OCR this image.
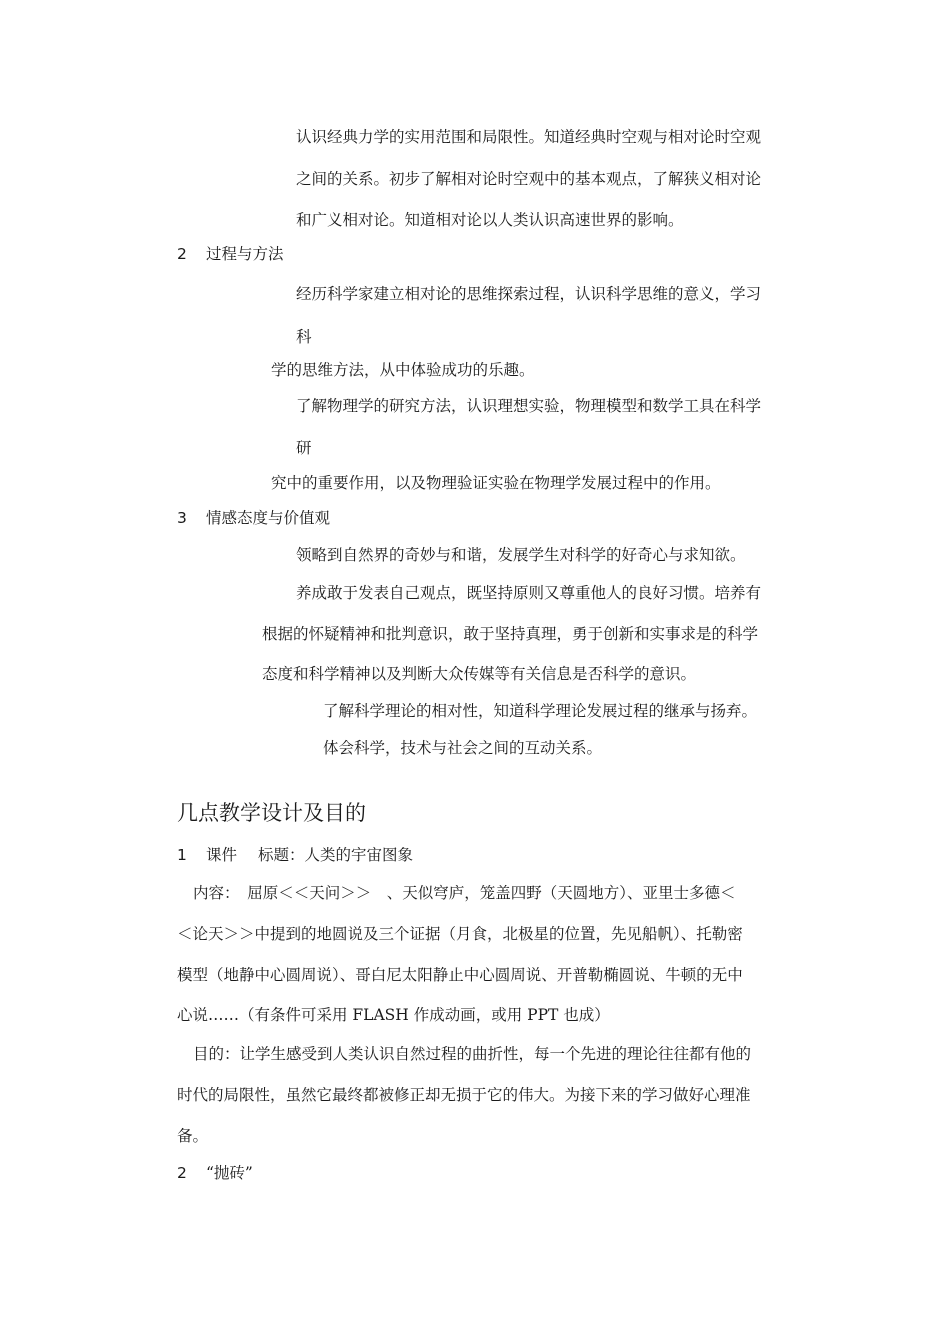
认识经典力学的实用范围和局限性。知道经典时空观与相对论时空观
之间的关系。初步了解相对论时空观中的基本观点，了解狭义相对论
和广义相对论。知道相对论以人类认识高速世界的影响。
2 过程与方法
经历科学家建立相对论的思维探索过程，认识科学思维的意义，学习
科
学的思维方法，从中体验成功的乐趣。
了解物理学的研究方法，认识理想实验，物理模型和数学工具在科学
研
究中的重要作用，以及物理验证实验在物理学发展过程中的作用。
3 情感态度与价值观
领略到自然界的奇妙与和谐，发展学生对科学的好奇心与求知欲。
养成敢于发表自己观点，既坚持原则又尊重他人的良好习惯。培养有
根据的怀疑精神和批判意识，敢于坚持真理，勇于创新和实事求是的科学
态度和科学精神以及判断大众传媒等有关信息是否科学的意识。
了解科学理论的相对性，知道科学理论发展过程的继承与扬弃。
体会科学，技术与社会之间的互动关系。
几点教学设计及目的
1 课件 标题：人类的宇宙图象
内容：　屈原＜＜天问＞＞　、天似穹庐，笼盖四野（天圆地方）、亚里士多德＜
＜论天＞＞中提到的地圆说及三个证据（月食，北极星的位置，先见船帆）、托勒密
模型（地静中心圆周说）、哥白尼太阳静止中心圆周说、开普勒椭圆说、牛顿的无中
心说……（有条件可采用 FLASH 作成动画，或用 PPT 也成）
目的：让学生感受到人类认识自然过程的曲折性，每一个先进的理论往往都有他的
时代的局限性，虽然它最终都被修正却无损于它的伟大。为接下来的学习做好心理准
备。
2 “抛砖”
